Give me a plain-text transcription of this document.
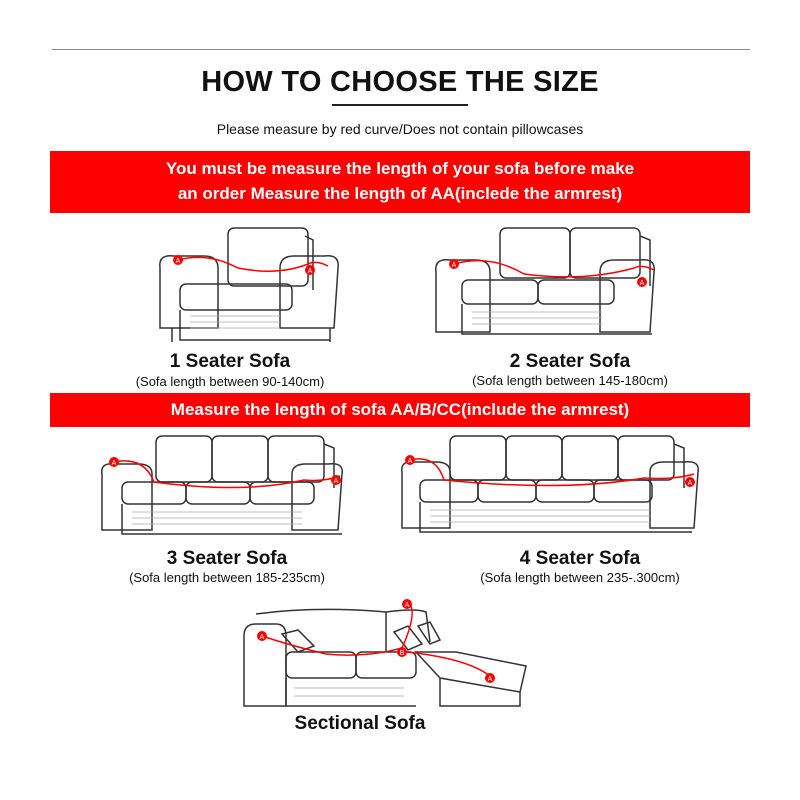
HOW TO CHOOSE THE SIZE
Please measure by red curve/Does not contain pillowcases
You must be measure the length of your sofa before make
an order Measure the length of AA(inclede the armrest)
A
A
1 Seater Sofa
(Sofa length between 90-140cm)
A
A
2 Seater Sofa
(Sofa length between 145-180cm)
Measure the length of sofa AA/B/CC(include the armrest)
A
A
3 Seater Sofa
(Sofa length between 185-235cm)
A
A
4 Seater Sofa
(Sofa length between 235-.300cm)
A
A
B
A
Sectional Sofa
